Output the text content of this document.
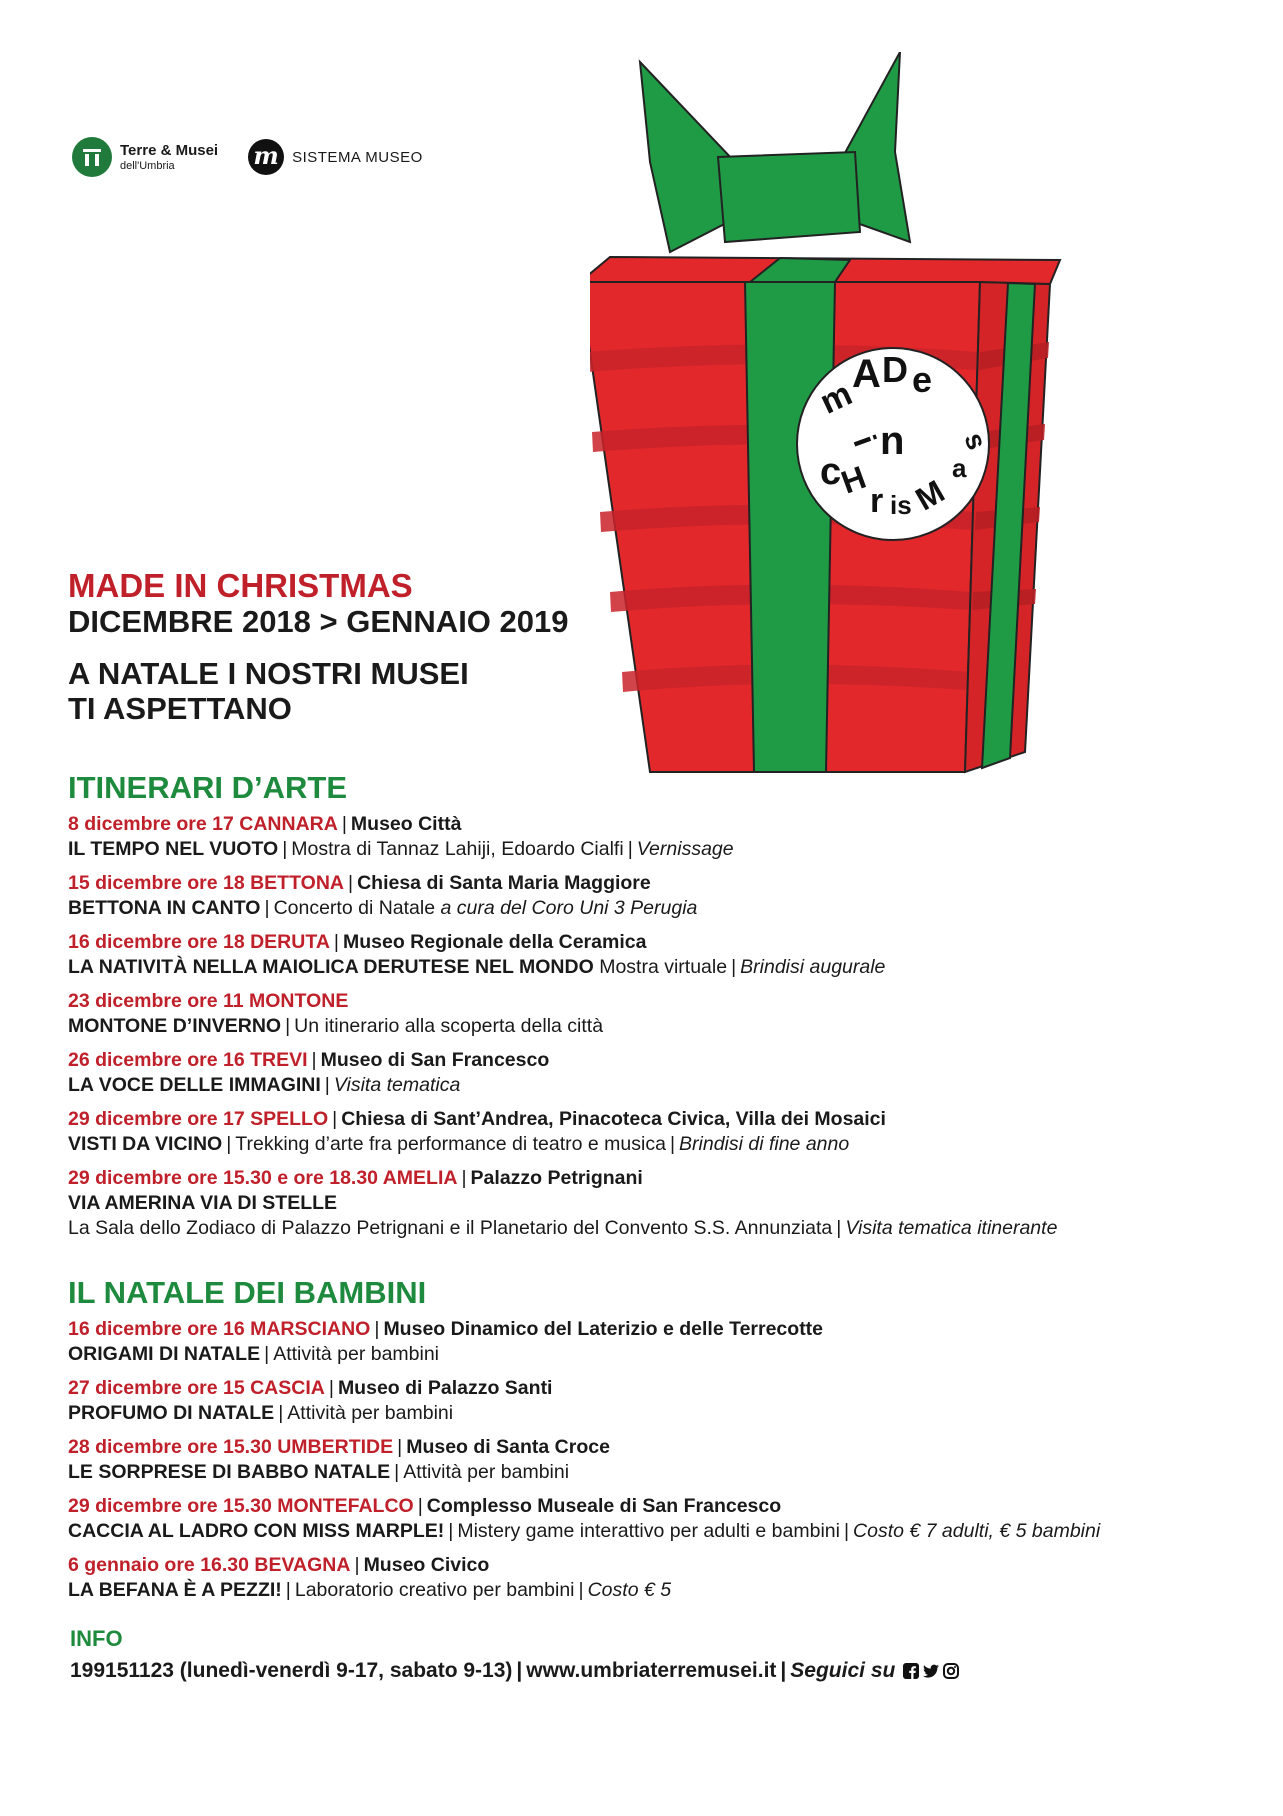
Terre & Musei
dell'Umbria	m SISTEMA MUSEO
m
A D e
i
n
c
H
r is
M
a
s
MADE IN CHRISTMAS
DICEMBRE 2018 > GENNAIO 2019
A NATALE I NOSTRI MUSEI
TI ASPETTANO
ITINERARI D’ARTE
8 dicembre ore 17 CANNARA | Museo Città
IL TEMPO NEL VUOTO | Mostra di Tannaz Lahiji, Edoardo Cialfi | Vernissage
15 dicembre ore 18 BETTONA | Chiesa di Santa Maria Maggiore
BETTONA IN CANTO | Concerto di Natale a cura del Coro Uni 3 Perugia
16 dicembre ore 18 DERUTA | Museo Regionale della Ceramica
LA NATIVITÀ NELLA MAIOLICA DERUTESE NEL MONDO Mostra virtuale | Brindisi augurale
23 dicembre ore 11 MONTONE
MONTONE D’INVERNO | Un itinerario alla scoperta della città
26 dicembre ore 16 TREVI | Museo di San Francesco
LA VOCE DELLE IMMAGINI | Visita tematica
29 dicembre ore 17 SPELLO | Chiesa di Sant’Andrea, Pinacoteca Civica, Villa dei Mosaici
VISTI DA VICINO | Trekking d’arte fra performance di teatro e musica | Brindisi di fine anno
29 dicembre ore 15.30 e ore 18.30 AMELIA | Palazzo Petrignani
VIA AMERINA VIA DI STELLE
La Sala dello Zodiaco di Palazzo Petrignani e il Planetario del Convento S.S. Annunziata | Visita tematica itinerante
IL NATALE DEI BAMBINI
16 dicembre ore 16 MARSCIANO | Museo Dinamico del Laterizio e delle Terrecotte
ORIGAMI DI NATALE | Attività per bambini
27 dicembre ore 15 CASCIA | Museo di Palazzo Santi
PROFUMO DI NATALE | Attività per bambini
28 dicembre ore 15.30 UMBERTIDE | Museo di Santa Croce
LE SORPRESE DI BABBO NATALE | Attività per bambini
29 dicembre ore 15.30 MONTEFALCO | Complesso Museale di San Francesco
CACCIA AL LADRO CON MISS MARPLE! | Mistery game interattivo per adulti e bambini | Costo € 7 adulti, € 5 bambini
6 gennaio ore 16.30 BEVAGNA | Museo Civico
LA BEFANA È A PEZZI! | Laboratorio creativo per bambini | Costo € 5
INFO
199151123 (lunedì-venerdì 9-17, sabato 9-13) | www.umbriaterremusei.it | Seguici su
